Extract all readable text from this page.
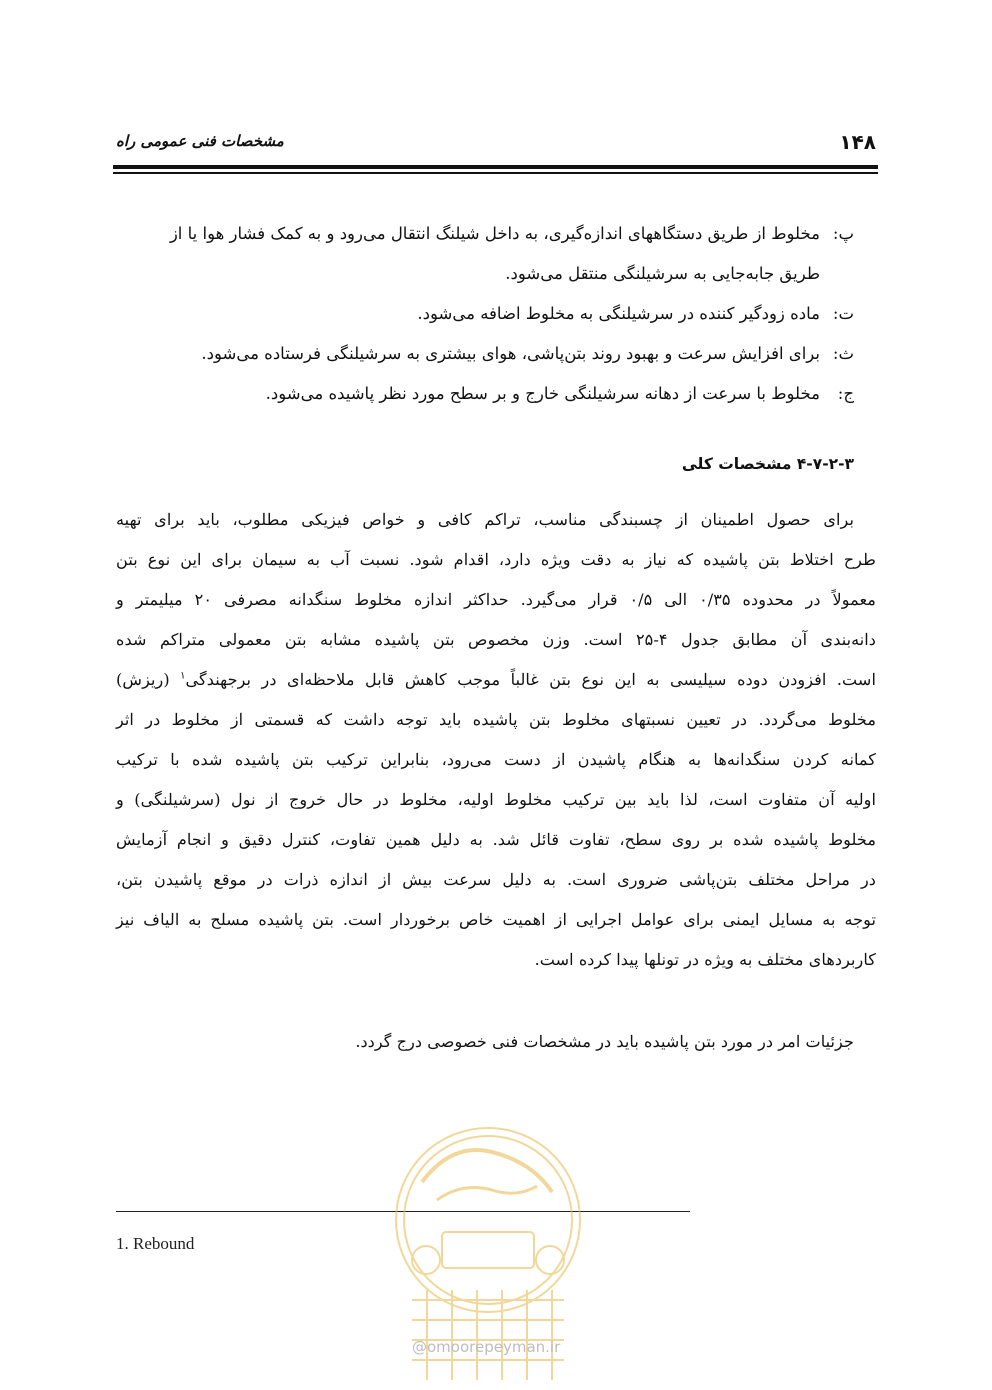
۱۴۸
مشخصات فنی عمومی راه
پ:
مخلوط از طریق دستگاههای اندازه‌گیری، به داخل شیلنگ انتقال می‌رود و به کمک فشار هوا یا از
طریق جابه‌جایی به سرشیلنگی منتقل می‌شود.
ت:
ماده زودگیر کننده در سرشیلنگی به مخلوط اضافه می‌شود.
ث:
برای افزایش سرعت و بهبود روند بتن‌پاشی، هوای بیشتری به سرشیلنگی فرستاده می‌شود.
ج:
مخلوط با سرعت از دهانه سرشیلنگی خارج و بر سطح مورد نظر پاشیده می‌شود.
۴-۷-۲-۳ مشخصات کلی
برای حصول اطمینان از چسبندگی مناسب، تراکم کافی و خواص فیزیکی مطلوب، باید برای تهیه
طرح اختلاط بتن پاشیده که نیاز به دقت ویژه دارد، اقدام شود. نسبت آب به سیمان برای این نوع بتن
معمولاً در محدوده ۰/۳۵ الی ۰/۵ قرار می‌گیرد. حداکثر اندازه مخلوط سنگدانه مصرفی ۲۰ میلیمتر و
دانه‌بندی آن مطابق جدول ۴-۲۵ است. وزن مخصوص بتن پاشیده مشابه بتن معمولی متراکم شده
است. افزودن دوده سیلیسی به این نوع بتن غالباً موجب کاهش قابل ملاحظه‌ای در برجهندگی$^۱$ (ریزش)
مخلوط می‌گردد. در تعیین نسبتهای مخلوط بتن پاشیده باید توجه داشت که قسمتی از مخلوط در اثر
کمانه کردن سنگدانه‌ها به هنگام پاشیدن از دست می‌رود، بنابراین ترکیب بتن پاشیده شده با ترکیب
اولیه آن متفاوت است، لذا باید بین ترکیب مخلوط اولیه، مخلوط در حال خروج از نول (سرشیلنگی) و
مخلوط پاشیده شده بر روی سطح، تفاوت قائل شد. به دلیل همین تفاوت، کنترل دقیق و انجام آزمایش
در مراحل مختلف بتن‌پاشی ضروری است. به دلیل سرعت بیش از اندازه ذرات در موقع پاشیدن بتن،
توجه به مسایل ایمنی برای عوامل اجرایی از اهمیت خاص برخوردار است. بتن پاشیده مسلح به الیاف نیز
کاربردهای مختلف به ویژه در تونلها پیدا کرده است.
جزئیات امر در مورد بتن پاشیده باید در مشخصات فنی خصوصی درج گردد.
1. Rebound
@omoorepeyman.ir
